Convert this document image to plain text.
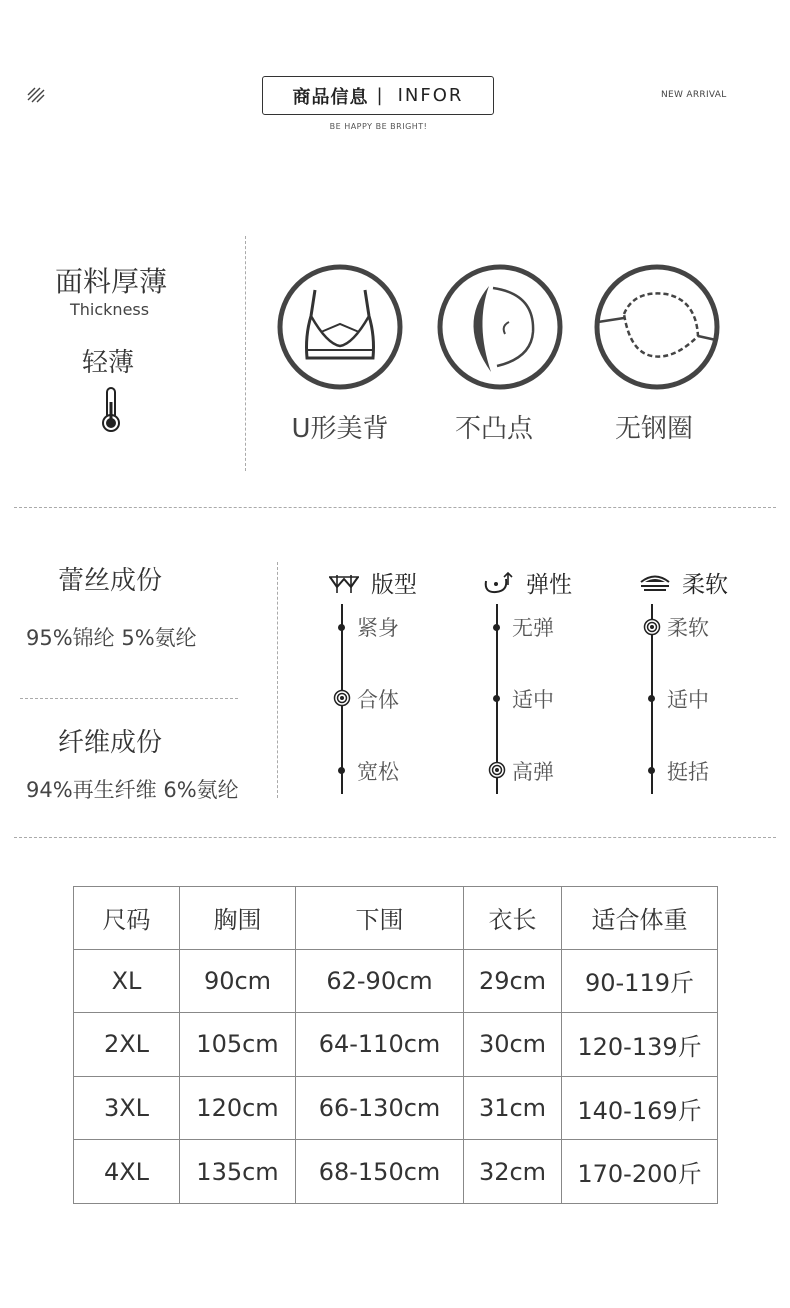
商品信息 | INFOR
BE HAPPY BE BRIGHT!
NEW ARRIVAL
面料厚薄
Thickness
轻薄
U形美背	不凸点	无钢圈
蕾丝成份
95%锦纶 5%氨纶
纤维成份
94%再生纤维 6%氨纶
版型
紧身
合体
宽松
弹性
无弹
适中
高弹
柔软
柔软
适中
挺括
尺码	胸围	下围	衣长	适合体重
XL	90cm	62-90cm	29cm	90-119斤
2XL	105cm	64-110cm	30cm	120-139斤
3XL	120cm	66-130cm	31cm	140-169斤
4XL	135cm	68-150cm	32cm	170-200斤
